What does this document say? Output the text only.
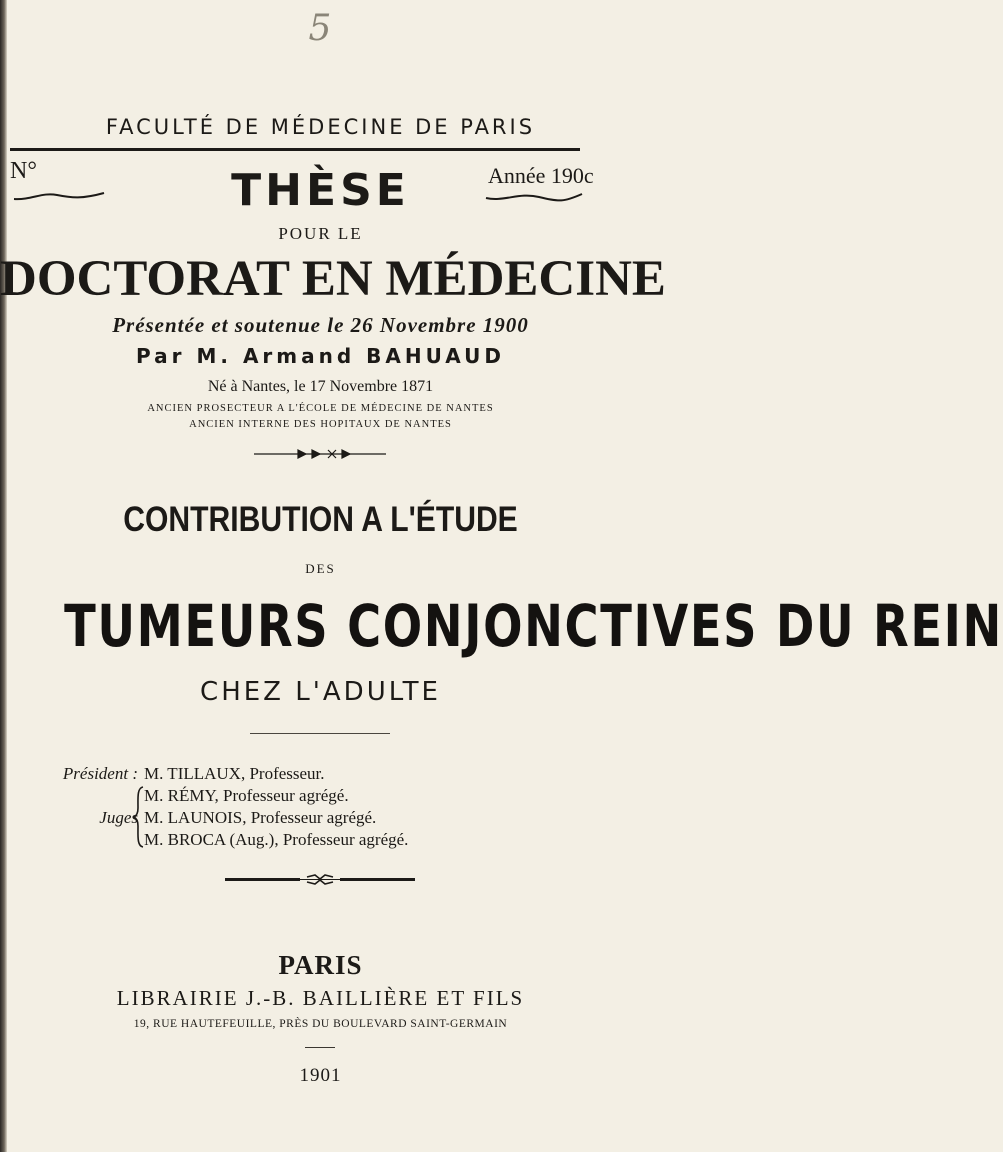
5
FACULTÉ DE MÉDECINE DE PARIS
N°	THÈSE	Année 190c
POUR LE
DOCTORAT EN MÉDECINE
Présentée et soutenue le 26 Novembre 1900
Par M. Armand BAHUAUD
Né à Nantes, le 17 Novembre 1871
ANCIEN PROSECTEUR A L'ÉCOLE DE MÉDECINE DE NANTES
ANCIEN INTERNE DES HOPITAUX DE NANTES
CONTRIBUTION A L'ÉTUDE
DES
TUMEURS CONJONCTIVES DU REIN
CHEZ L'ADULTE
Président : M. TILLAUX, Professeur.
M. RÉMY, Professeur agrégé.
Juges M. LAUNOIS, Professeur agrégé.
M. BROCA (Aug.), Professeur agrégé.
PARIS
LIBRAIRIE J.-B. BAILLIÈRE ET FILS
19, RUE HAUTEFEUILLE, PRÈS DU BOULEVARD SAINT-GERMAIN
1901
